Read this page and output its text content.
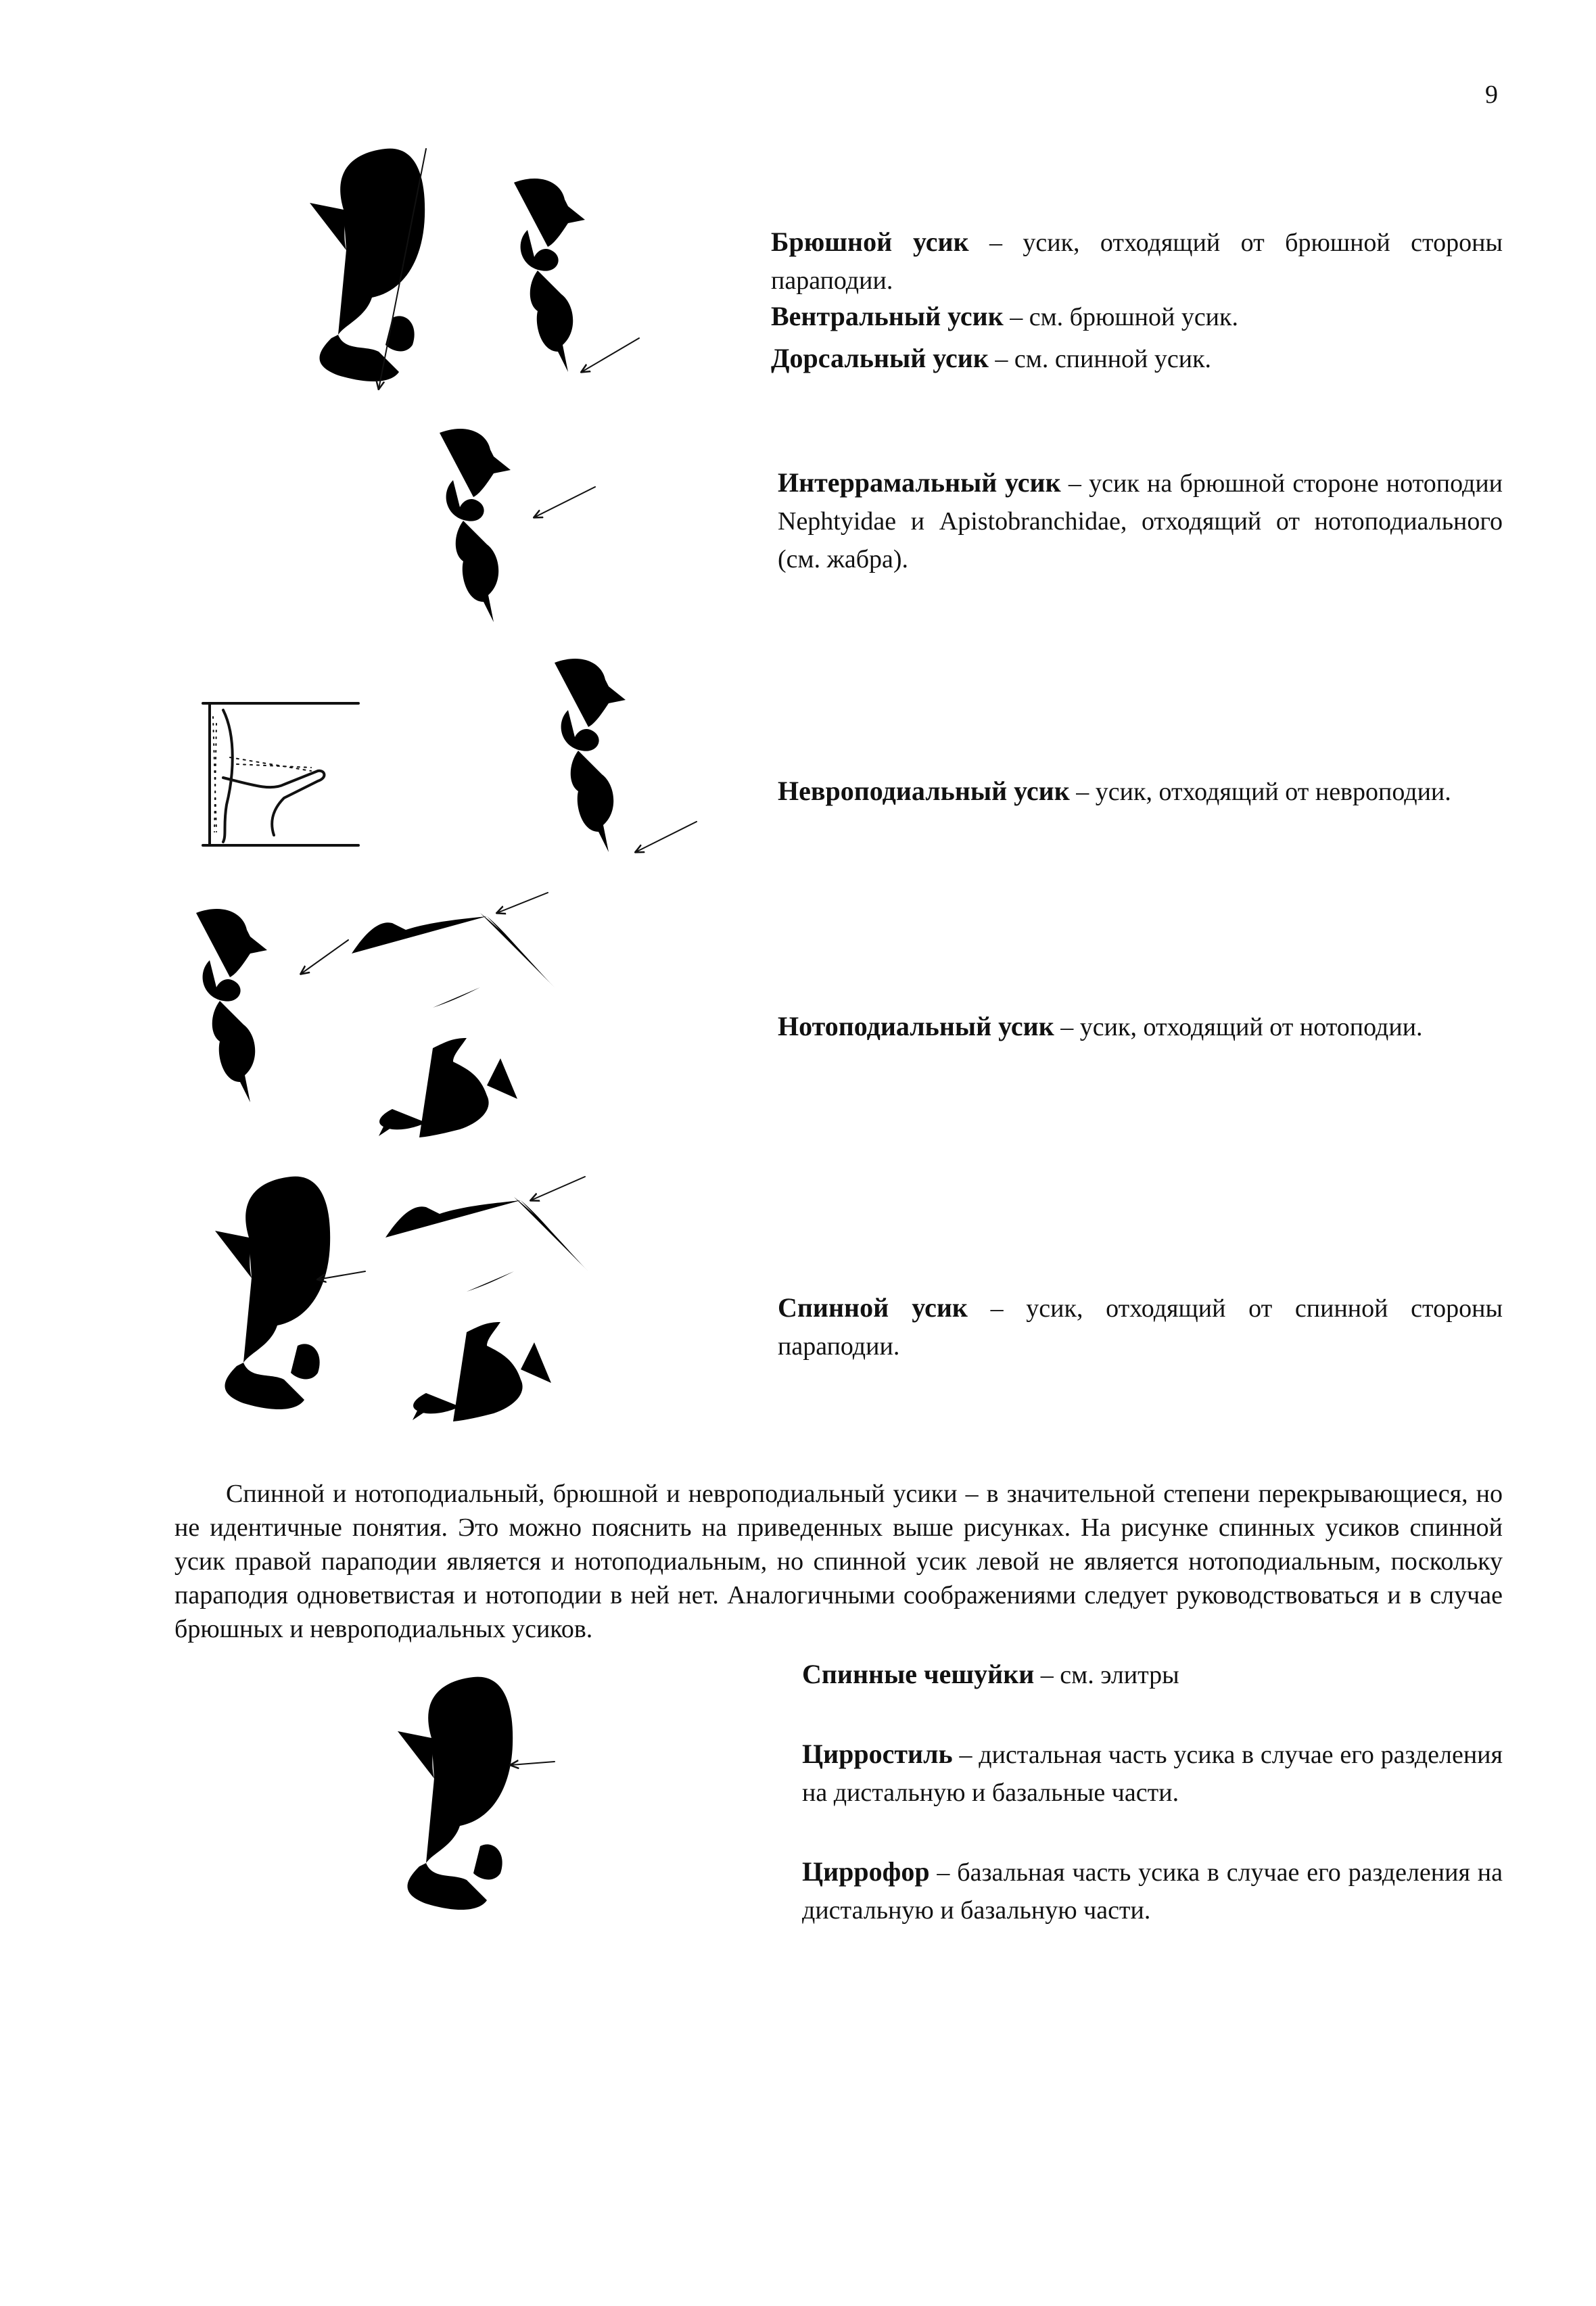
9
Брюшной усик – усик, отходящий от брюшной стороны параподии.
Вентральный усик – см. брюшной усик.
Дорсальный усик – см. спинной усик.
Интеррамальный усик – усик на брюшной стороне нотоподии Nephtyidae и Apistobranchidae, отходящий от нотоподиального (см. жабра).
Невроподиальный усик – усик, отходящий от невроподии.
Нотоподиальный усик – усик, отходящий от нотоподии.
Спинной усик – усик, отходящий от спинной стороны параподии.
Спинной и нотоподиальный, брюшной и невроподиальный усики – в значительной степени перекрывающиеся, но не идентичные понятия. Это можно пояснить на приведенных выше рисунках. На рисунке спинных усиков спинной усик правой параподии является и нотоподиальным, но спинной усик левой не является нотоподиальным, поскольку параподия одноветвистая и нотоподии в ней нет. Аналогичными соображениями следует руководствоваться и в случае брюшных и невроподиальных усиков.
Спинные чешуйки – см. элитры
Цирростиль – дистальная часть усика в случае его разделения на дистальную и базальные части.
Циррофор – базальная часть усика в случае его разделения на дистальную и базальную части.
